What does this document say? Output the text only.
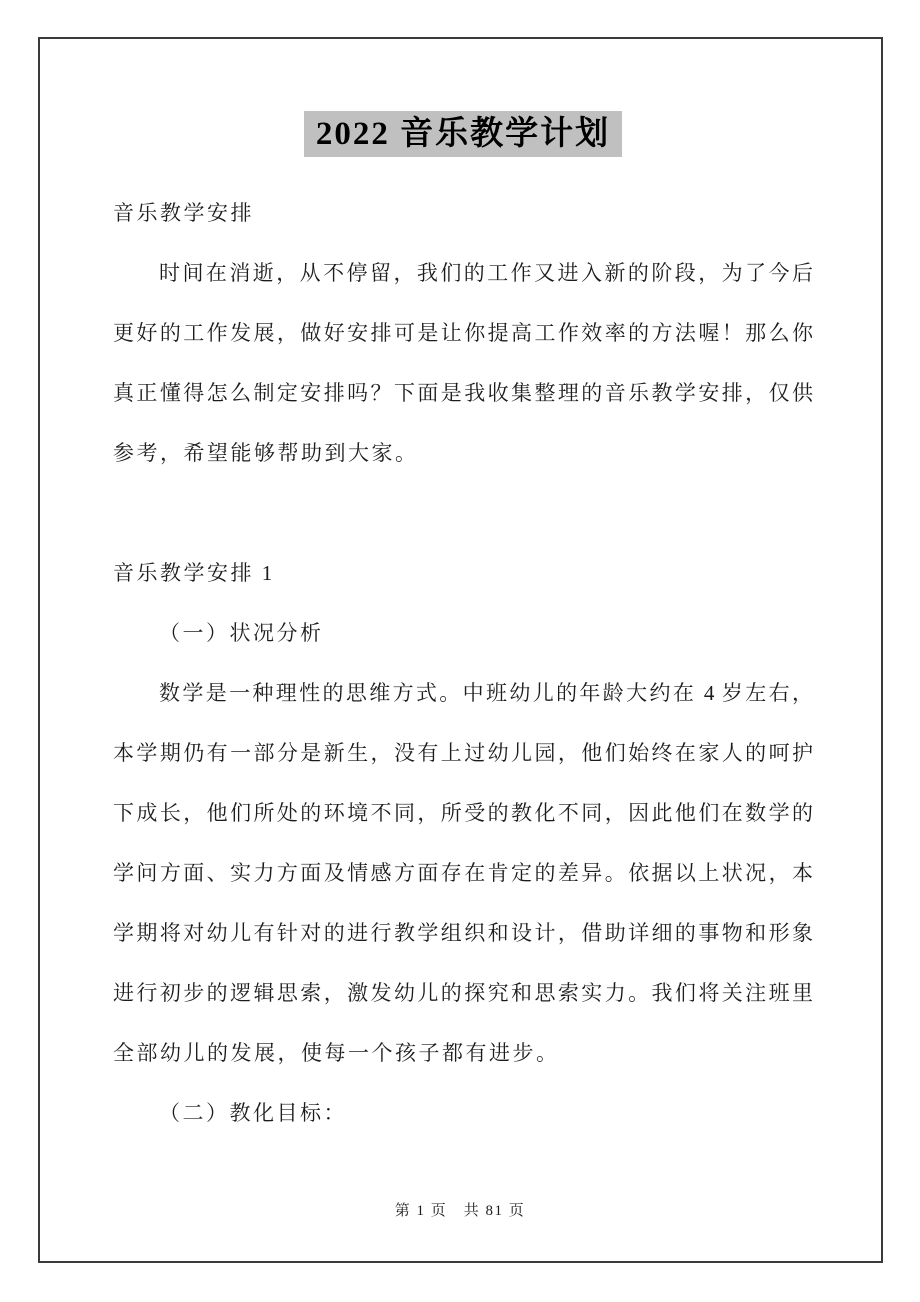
2022 音乐教学计划
音乐教学安排
时间在消逝，从不停留，我们的工作又进入新的阶段，为了今后
更好的工作发展，做好安排可是让你提高工作效率的方法喔！那么你
真正懂得怎么制定安排吗？下面是我收集整理的音乐教学安排，仅供
参考，希望能够帮助到大家。
音乐教学安排 1
（一）状况分析
数学是一种理性的思维方式。中班幼儿的年龄大约在 4 岁左右，
本学期仍有一部分是新生，没有上过幼儿园，他们始终在家人的呵护
下成长，他们所处的环境不同，所受的教化不同，因此他们在数学的
学问方面、实力方面及情感方面存在肯定的差异。依据以上状况，本
学期将对幼儿有针对的进行教学组织和设计，借助详细的事物和形象
进行初步的逻辑思索，激发幼儿的探究和思索实力。我们将关注班里
全部幼儿的发展，使每一个孩子都有进步。
（二）教化目标：
第 1 页　共 81 页
